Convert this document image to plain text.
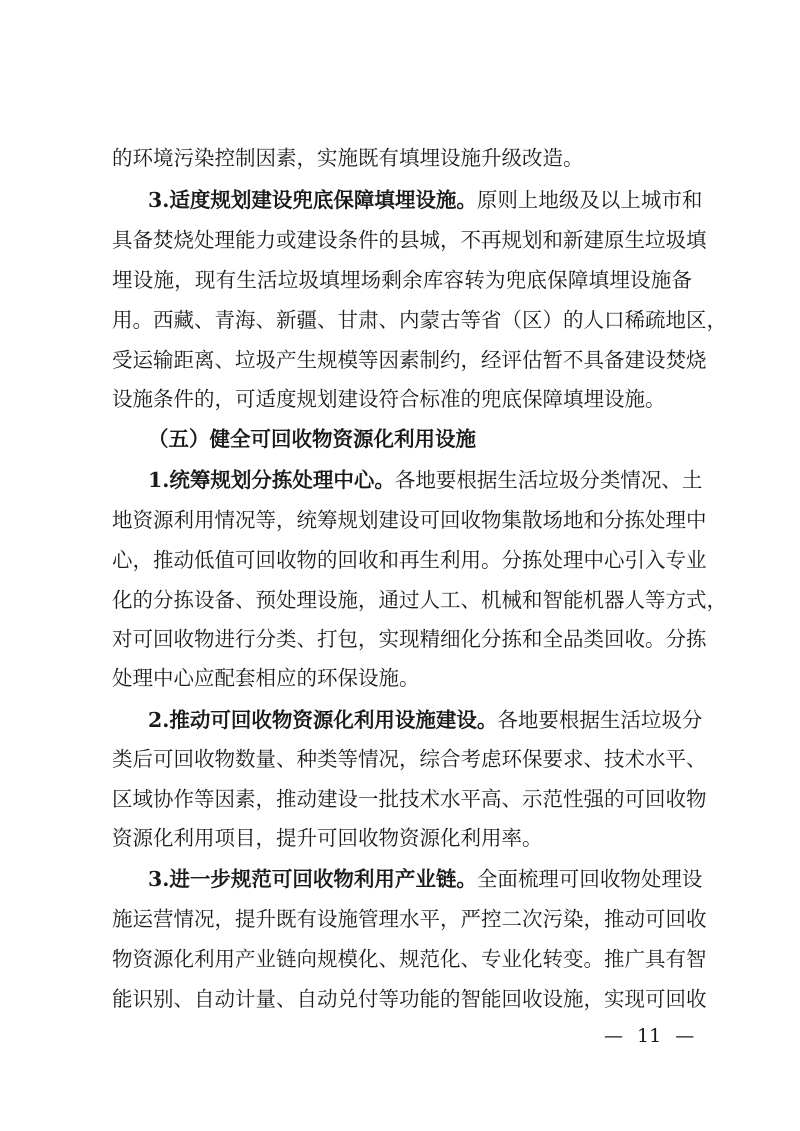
的环境污染控制因素，实施既有填埋设施升级改造。
3.适度规划建设兜底保障填埋设施。原则上地级及以上城市和
具备焚烧处理能力或建设条件的县城，不再规划和新建原生垃圾填
埋设施，现有生活垃圾填埋场剩余库容转为兜底保障填埋设施备
用。西藏、青海、新疆、甘肃、内蒙古等省（区）的人口稀疏地区，
受运输距离、垃圾产生规模等因素制约，经评估暂不具备建设焚烧
设施条件的，可适度规划建设符合标准的兜底保障填埋设施。
（五）健全可回收物资源化利用设施
1.统筹规划分拣处理中心。各地要根据生活垃圾分类情况、土
地资源利用情况等，统筹规划建设可回收物集散场地和分拣处理中
心，推动低值可回收物的回收和再生利用。分拣处理中心引入专业
化的分拣设备、预处理设施，通过人工、机械和智能机器人等方式，
对可回收物进行分类、打包，实现精细化分拣和全品类回收。分拣
处理中心应配套相应的环保设施。
2.推动可回收物资源化利用设施建设。各地要根据生活垃圾分
类后可回收物数量、种类等情况，综合考虑环保要求、技术水平、
区域协作等因素，推动建设一批技术水平高、示范性强的可回收物
资源化利用项目，提升可回收物资源化利用率。
3.进一步规范可回收物利用产业链。全面梳理可回收物处理设
施运营情况，提升既有设施管理水平，严控二次污染，推动可回收
物资源化利用产业链向规模化、规范化、专业化转变。推广具有智
能识别、自动计量、自动兑付等功能的智能回收设施，实现可回收
— 11 —
